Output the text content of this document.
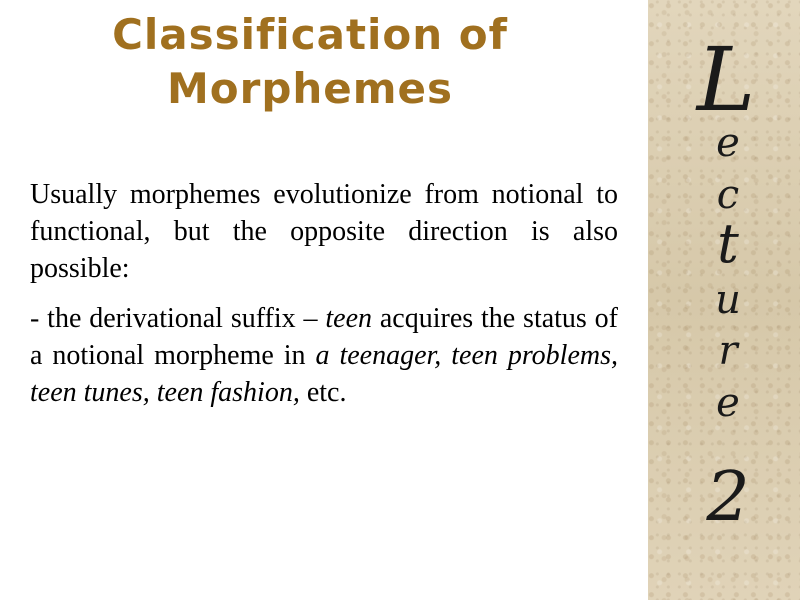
Classification of
Morphemes

Usually morphemes evolutionize from notional to functional, but the opposite direction is also possible:

- the derivational suffix – teen acquires the status of a notional morpheme in a teenager, teen problems, teen tunes, teen fashion, etc.

L
e
c
t
u
r
e
2
